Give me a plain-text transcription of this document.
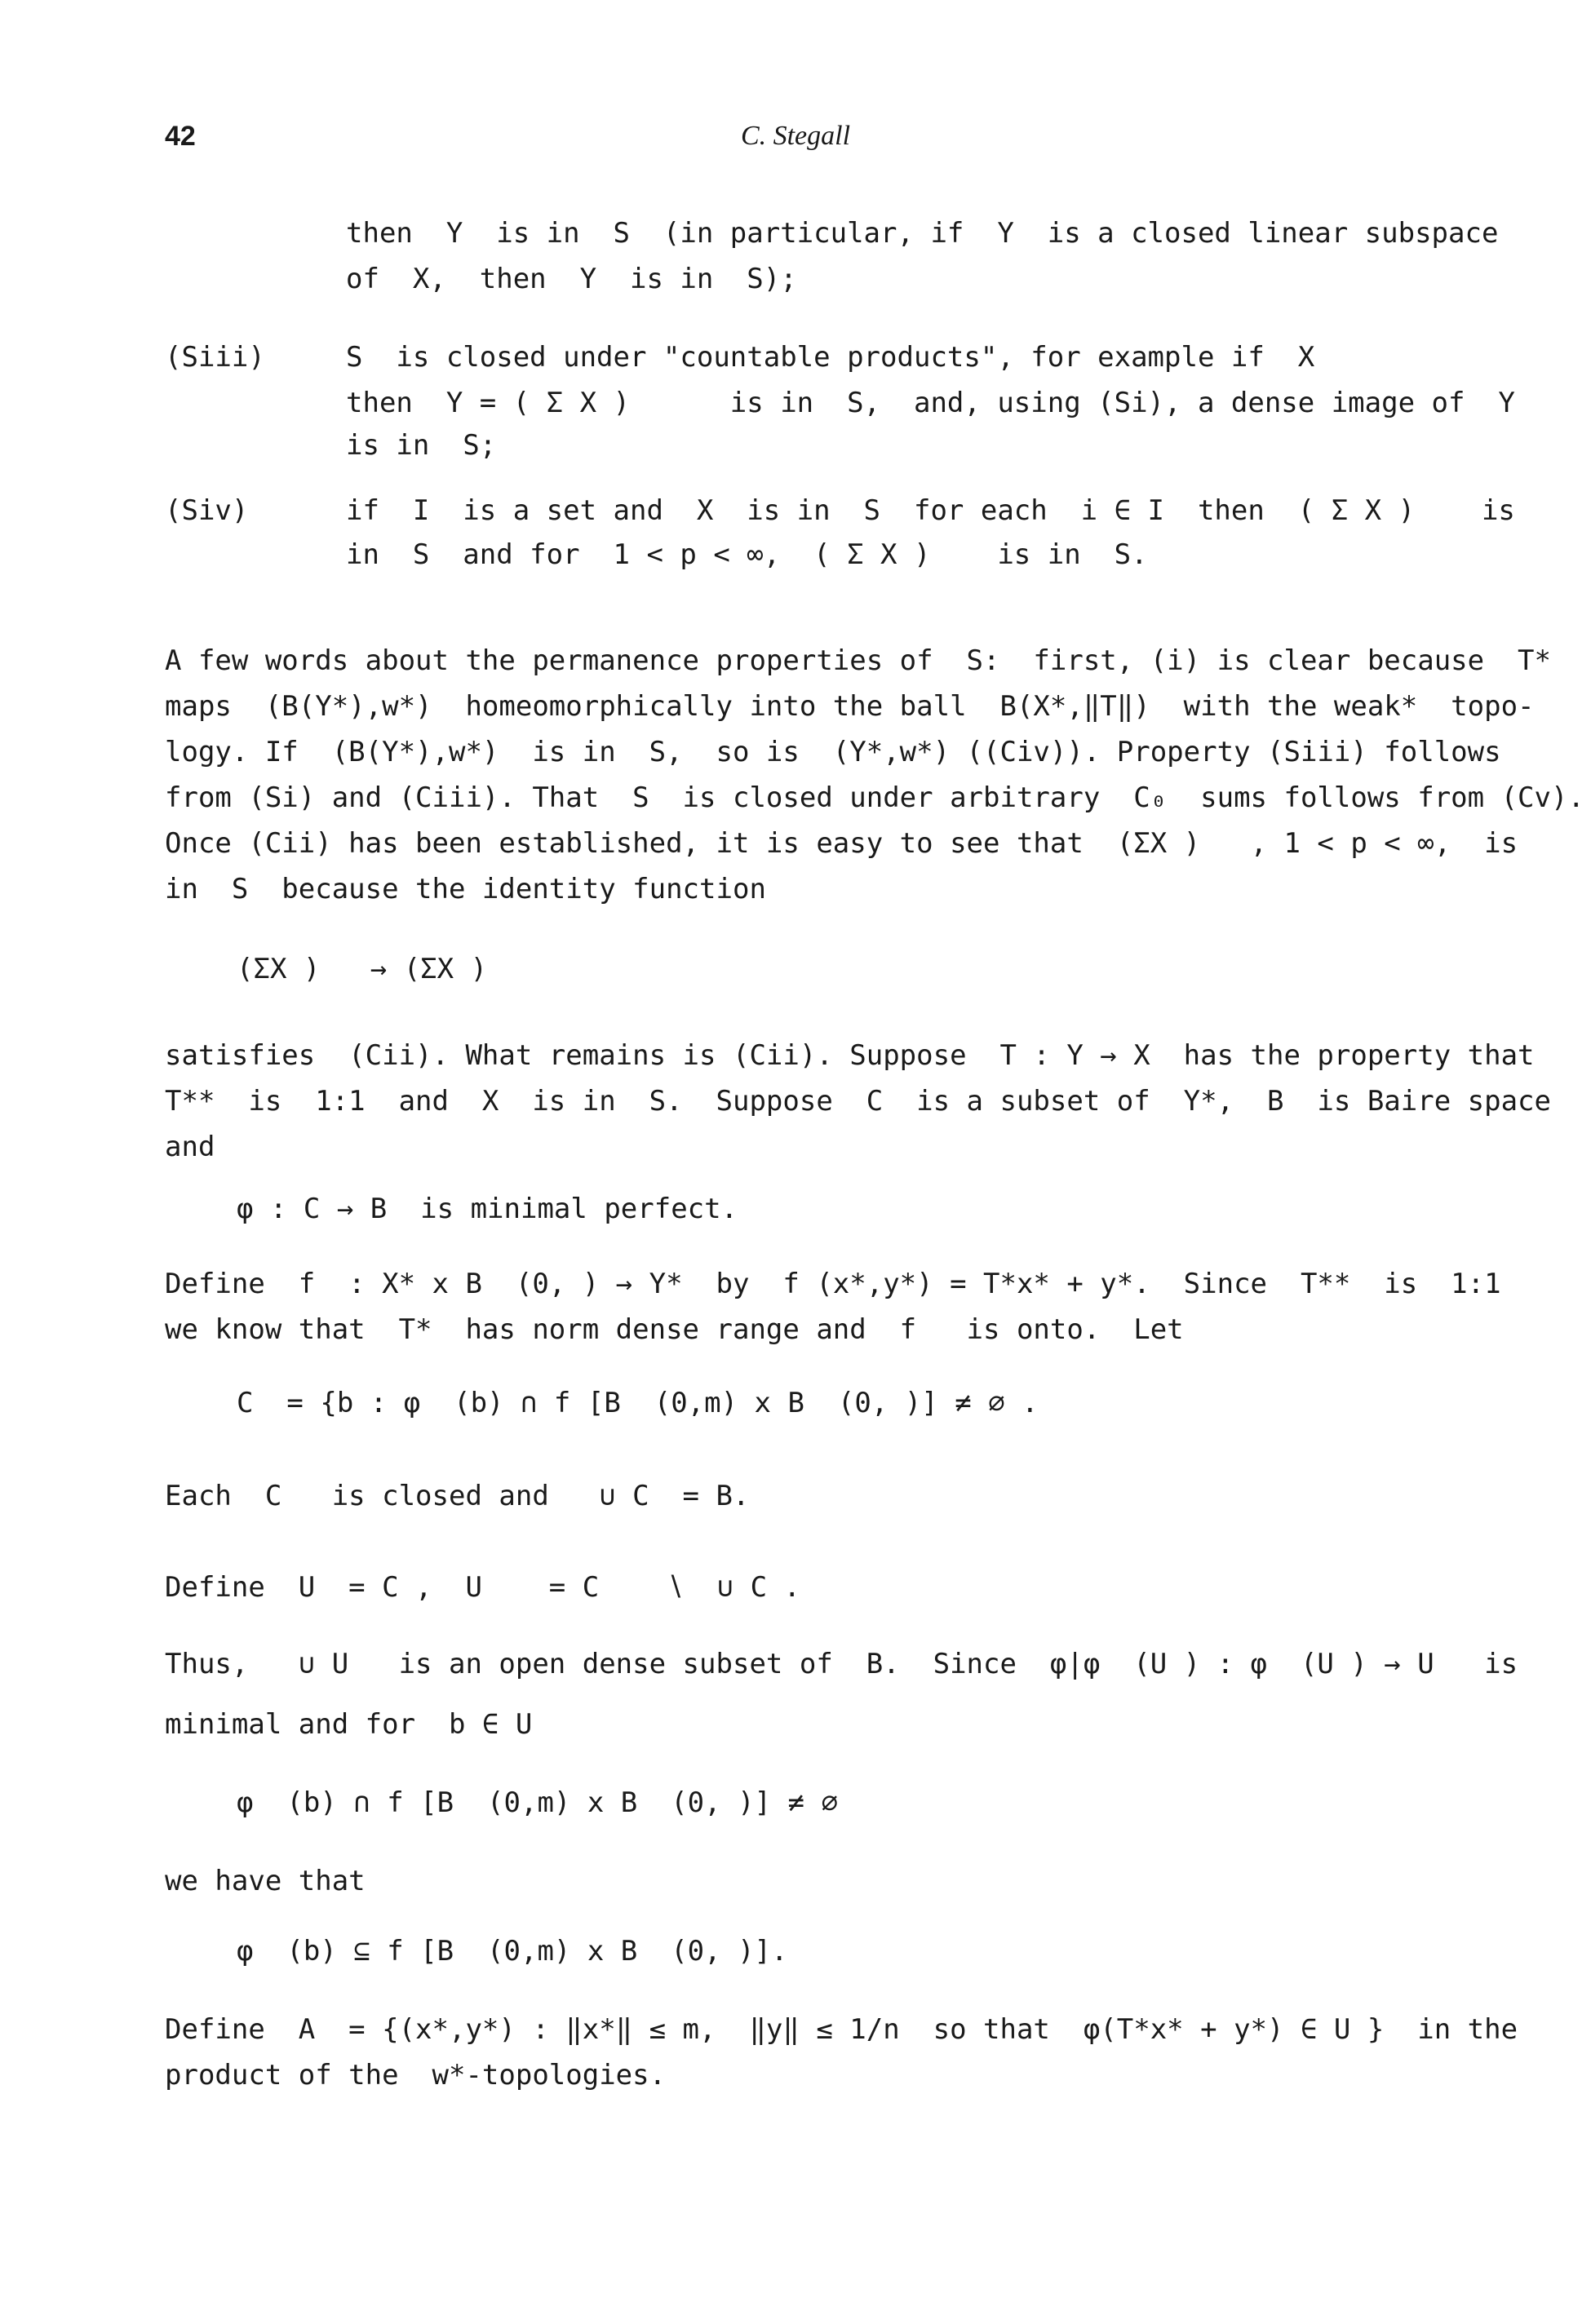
42	C. Stegall
then  Y  is in  S  (in particular, if  Y  is a closed linear subspace
of  X,  then  Y  is in  S);
(Siii)	S  is closed under "countable products", for example if  X
then  Y = ( Σ X )      is in  S,  and, using (Si), a dense image of  Y
is in  S;
(Siv)	if  I  is a set and  X  is in  S  for each  i ∈ I  then  ( Σ X )    is
in  S  and for  1 < p < ∞,  ( Σ X )    is in  S.
A few words about the permanence properties of  S:  first, (i) is clear because  T*
maps  (B(Y*),w*)  homeomorphically into the ball  B(X*,‖T‖)  with the weak*  topo-
logy. If  (B(Y*),w*)  is in  S,  so is  (Y*,w*) ((Civ)). Property (Siii) follows
from (Si) and (Ciii). That  S  is closed under arbitrary  C₀  sums follows from (Cv).
Once (Cii) has been established, it is easy to see that  (ΣX )   , 1 < p < ∞,  is
in  S  because the identity function
(ΣX )   → (ΣX )
satisfies  (Cii). What remains is (Cii). Suppose  T : Y → X  has the property that
T**  is  1:1  and  X  is in  S.  Suppose  C  is a subset of  Y*,  B  is Baire space
and
φ : C → B  is minimal perfect.
Define  f  : X* x B  (0, ) → Y*  by  f (x*,y*) = T*x* + y*.  Since  T**  is  1:1
we know that  T*  has norm dense range and  f   is onto.  Let
C  = {b : φ  (b) ∩ f [B  (0,m) x B  (0, )] ≠ ∅ .
Each  C   is closed and   ∪ C  = B.
Define  U  = C ,  U    = C    ∖  ∪ C .
Thus,   ∪ U   is an open dense subset of  B.  Since  φ|φ  (U ) : φ  (U ) → U   is
minimal and for  b ∈ U
φ  (b) ∩ f [B  (0,m) x B  (0, )] ≠ ∅
we have that
φ  (b) ⊆ f [B  (0,m) x B  (0, )].
Define  A  = {(x*,y*) : ‖x*‖ ≤ m,  ‖y‖ ≤ 1/n  so that  φ(T*x* + y*) ∈ U }  in the
product of the  w*-topologies.
